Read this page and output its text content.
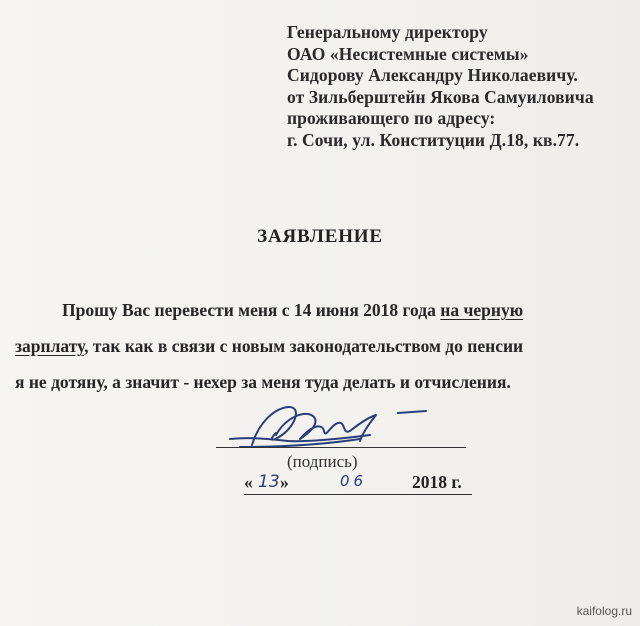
Генеральному директору
ОАО «Несистемные системы»
Сидорову Александру Николаевичу.
от Зильберштейн Якова Самуиловича
проживающего по адресу:
г. Сочи, ул. Конституции Д.18, кв.77.
ЗАЯВЛЕНИЕ
Прошу Вас перевести меня с 14 июня 2018 года на черную
зарплату, так как в связи с новым законодательством до пенсии
я не дотяну, а значит - нехер за меня туда делать и отчисления.
(подпись)
« 13 »	06	2018 г.
kaifolog.ru
